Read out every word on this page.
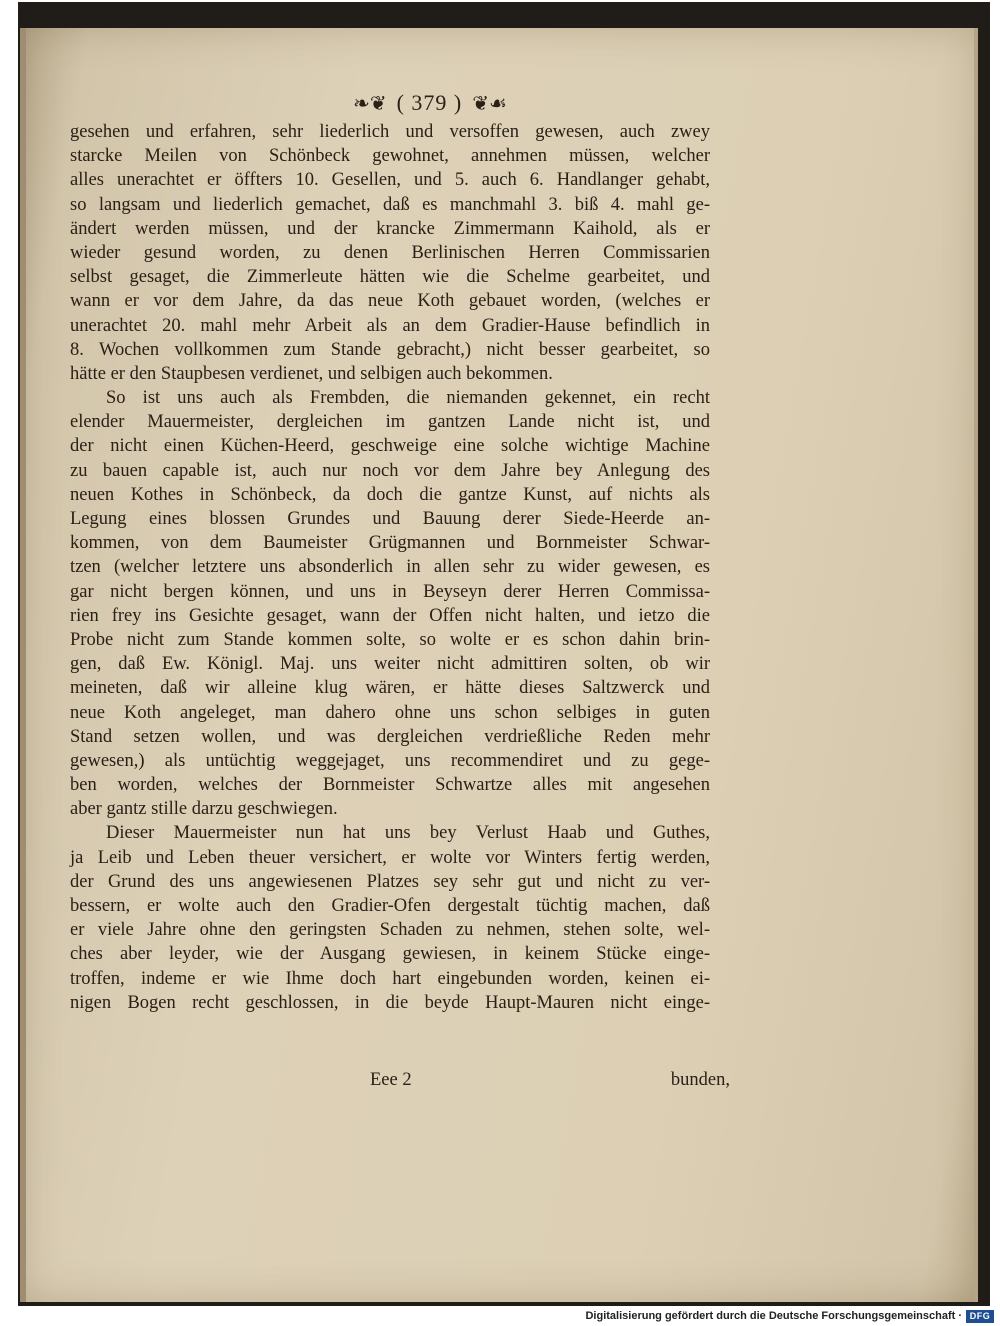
❧❦ ( 379 ) ❦☙
gesehen und erfahren, sehr liederlich und versoffen gewesen, auch zwey
starcke Meilen von Schönbeck gewohnet, annehmen müssen, welcher
alles unerachtet er öffters 10. Gesellen, und 5. auch 6. Handlanger gehabt,
so langsam und liederlich gemachet, daß es manchmahl 3. biß 4. mahl ge-
ändert werden müssen, und der krancke Zimmermann Kaihold, als er
wieder gesund worden, zu denen Berlinischen Herren Commissarien
selbst gesaget, die Zimmerleute hätten wie die Schelme gearbeitet, und
wann er vor dem Jahre, da das neue Koth gebauet worden, (welches er
unerachtet 20. mahl mehr Arbeit als an dem Gradier-Hause befindlich in
8. Wochen vollkommen zum Stande gebracht,) nicht besser gearbeitet, so
hätte er den Staupbesen verdienet, und selbigen auch bekommen.
So ist uns auch als Frembden, die niemanden gekennet, ein recht
elender Mauermeister, dergleichen im gantzen Lande nicht ist, und
der nicht einen Küchen-Heerd, geschweige eine solche wichtige Machine
zu bauen capable ist, auch nur noch vor dem Jahre bey Anlegung des
neuen Kothes in Schönbeck, da doch die gantze Kunst, auf nichts als
Legung eines blossen Grundes und Bauung derer Siede-Heerde an-
kommen, von dem Baumeister Grügmannen und Bornmeister Schwar-
tzen (welcher letztere uns absonderlich in allen sehr zu wider gewesen, es
gar nicht bergen können, und uns in Beyseyn derer Herren Commissa-
rien frey ins Gesichte gesaget, wann der Offen nicht halten, und ietzo die
Probe nicht zum Stande kommen solte, so wolte er es schon dahin brin-
gen, daß Ew. Königl. Maj. uns weiter nicht admittiren solten, ob wir
meineten, daß wir alleine klug wären, er hätte dieses Saltzwerck und
neue Koth angeleget, man dahero ohne uns schon selbiges in guten
Stand setzen wollen, und was dergleichen verdrießliche Reden mehr
gewesen,) als untüchtig weggejaget, uns recommendiret und zu gege-
ben worden, welches der Bornmeister Schwartze alles mit angesehen
aber gantz stille darzu geschwiegen.
Dieser Mauermeister nun hat uns bey Verlust Haab und Guthes,
ja Leib und Leben theuer versichert, er wolte vor Winters fertig werden,
der Grund des uns angewiesenen Platzes sey sehr gut und nicht zu ver-
bessern, er wolte auch den Gradier-Ofen dergestalt tüchtig machen, daß
er viele Jahre ohne den geringsten Schaden zu nehmen, stehen solte, wel-
ches aber leyder, wie der Ausgang gewiesen, in keinem Stücke einge-
troffen, indeme er wie Ihme doch hart eingebunden worden, keinen ei-
nigen Bogen recht geschlossen, in die beyde Haupt-Mauren nicht einge-
Eee 2	bunden,
Digitalisierung gefördert durch die Deutsche Forschungsgemeinschaft · DFG
